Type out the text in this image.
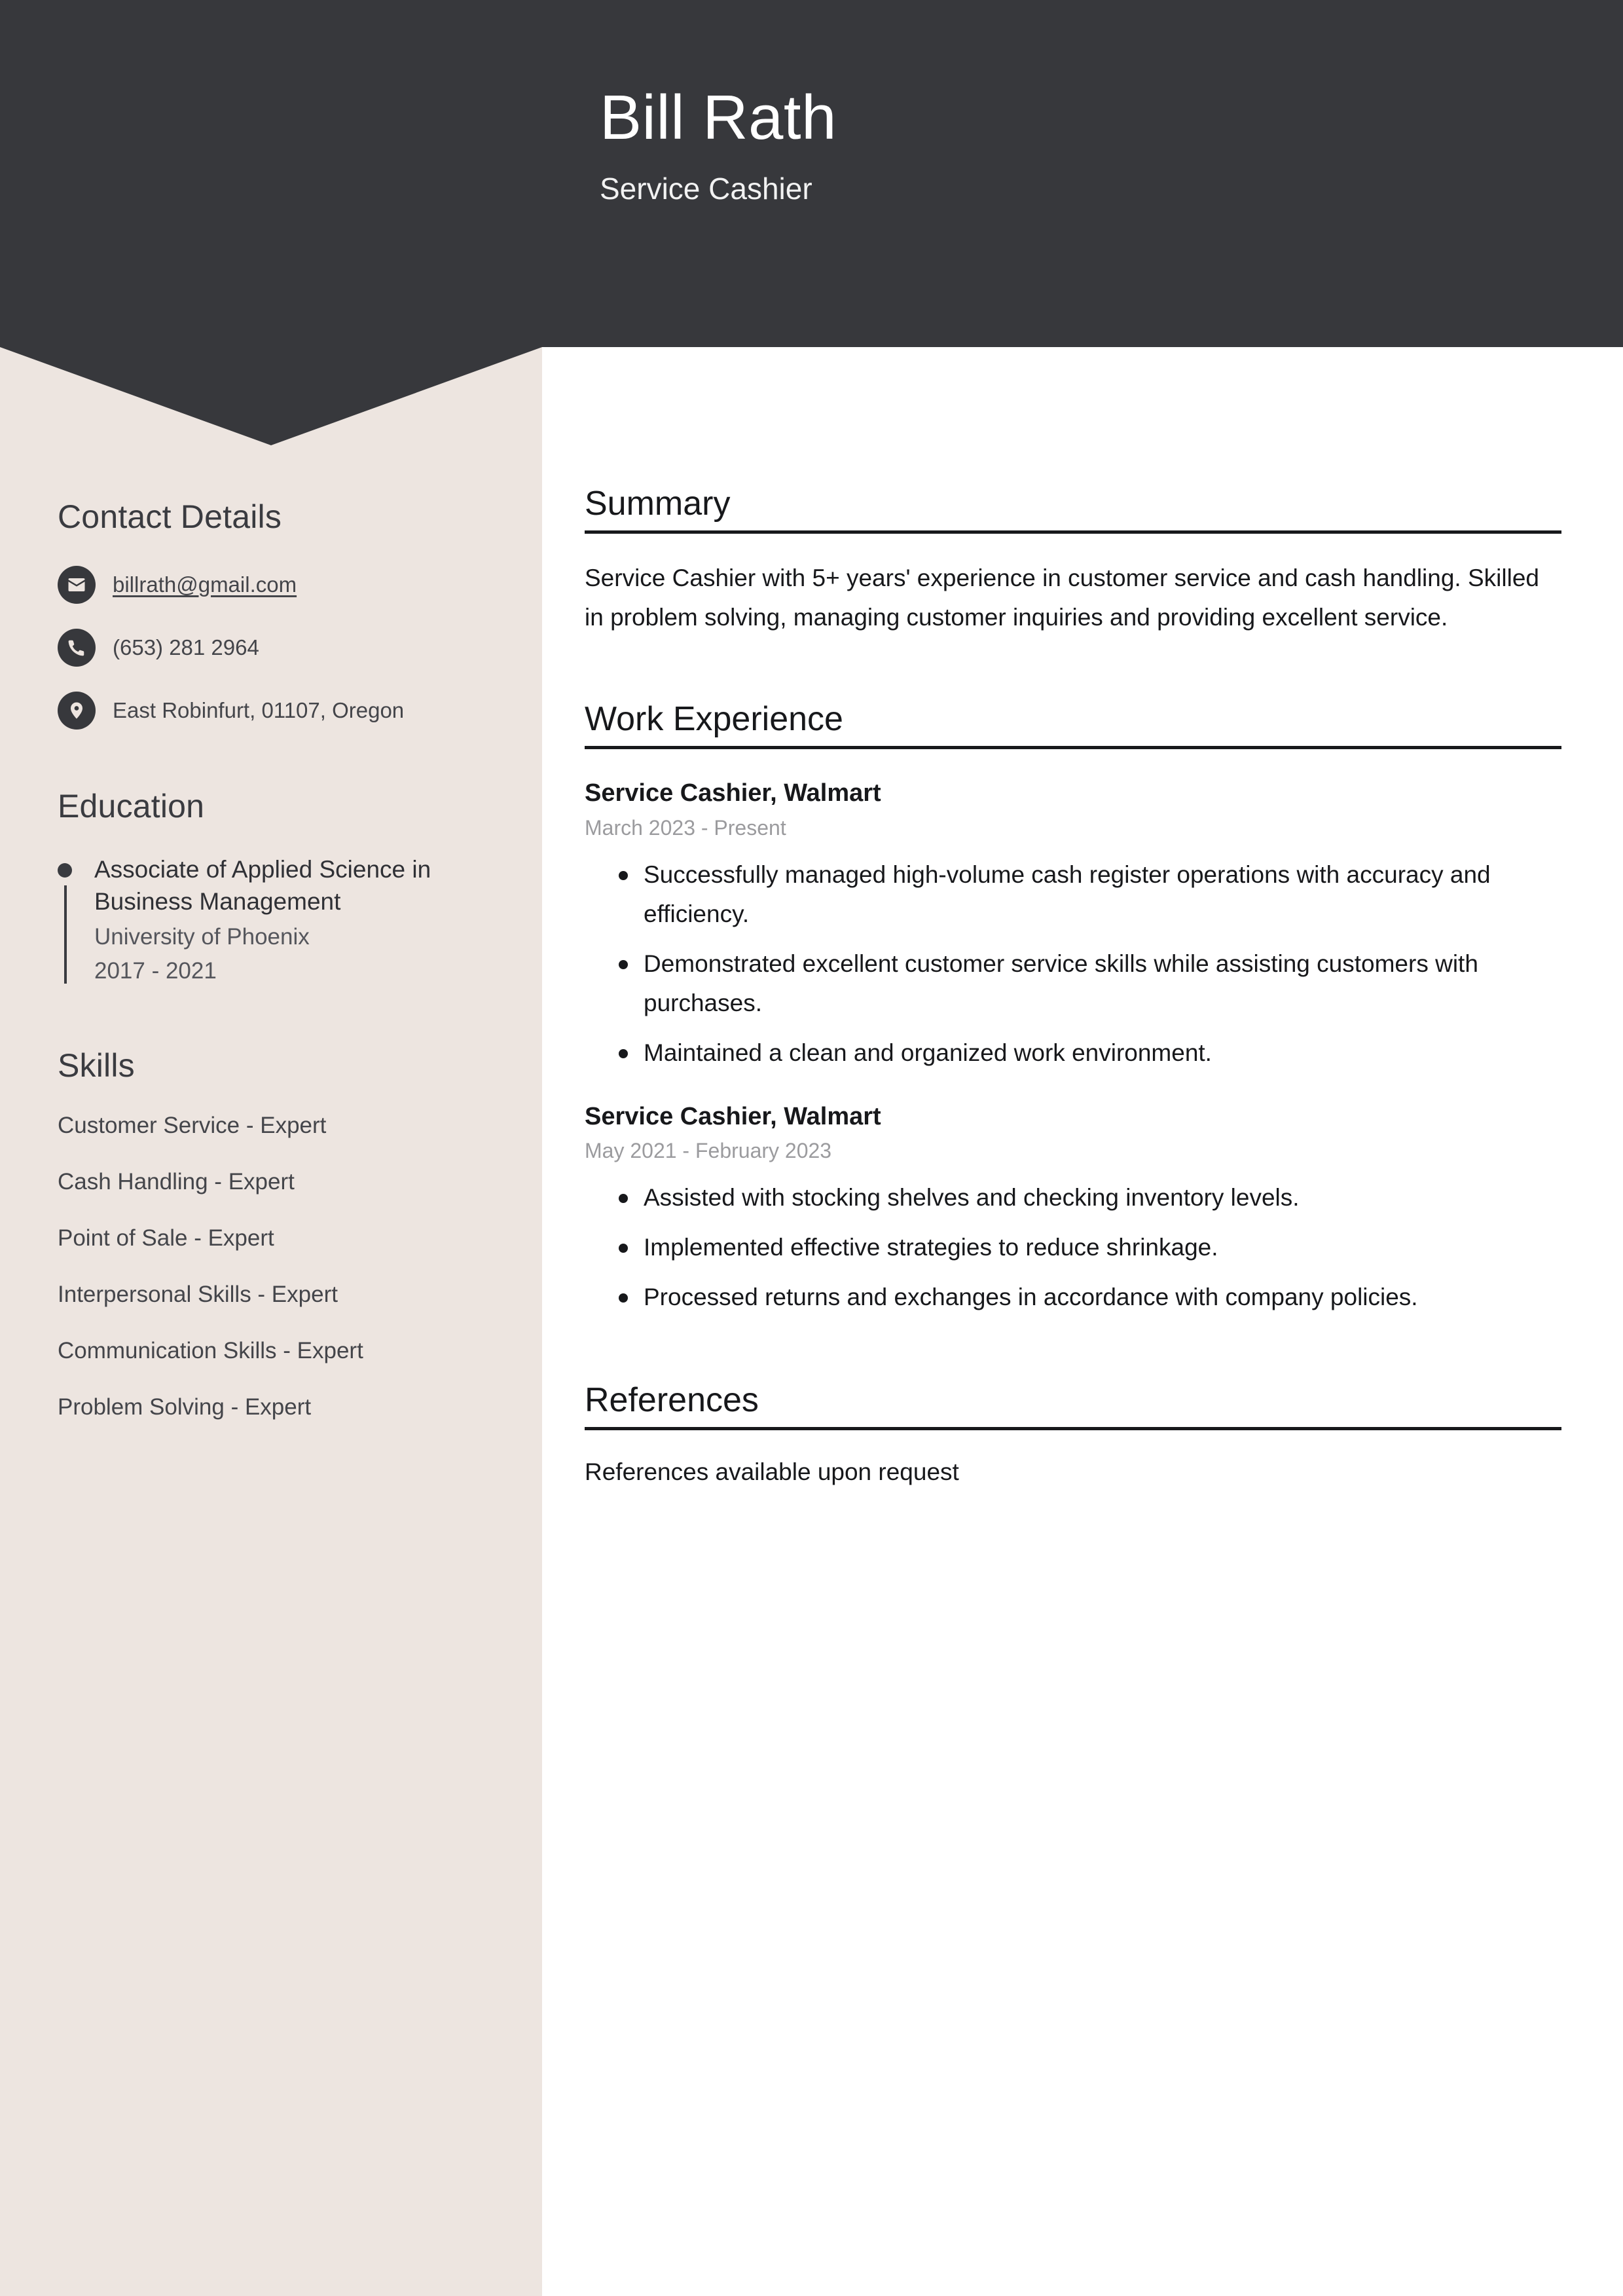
Bill Rath
Service Cashier
Contact Details
billrath@gmail.com
(653) 281 2964
East Robinfurt, 01107, Oregon
Education
Associate of Applied Science in Business Management
University of Phoenix
2017 - 2021
Skills
Customer Service - Expert
Cash Handling - Expert
Point of Sale - Expert
Interpersonal Skills - Expert
Communication Skills - Expert
Problem Solving - Expert
Summary
Service Cashier with 5+ years' experience in customer service and cash handling. Skilled in problem solving, managing customer inquiries and providing excellent service.
Work Experience
Service Cashier, Walmart
March 2023 - Present
Successfully managed high-volume cash register operations with accuracy and efficiency.
Demonstrated excellent customer service skills while assisting customers with purchases.
Maintained a clean and organized work environment.
Service Cashier, Walmart
May 2021 - February 2023
Assisted with stocking shelves and checking inventory levels.
Implemented effective strategies to reduce shrinkage.
Processed returns and exchanges in accordance with company policies.
References
References available upon request
